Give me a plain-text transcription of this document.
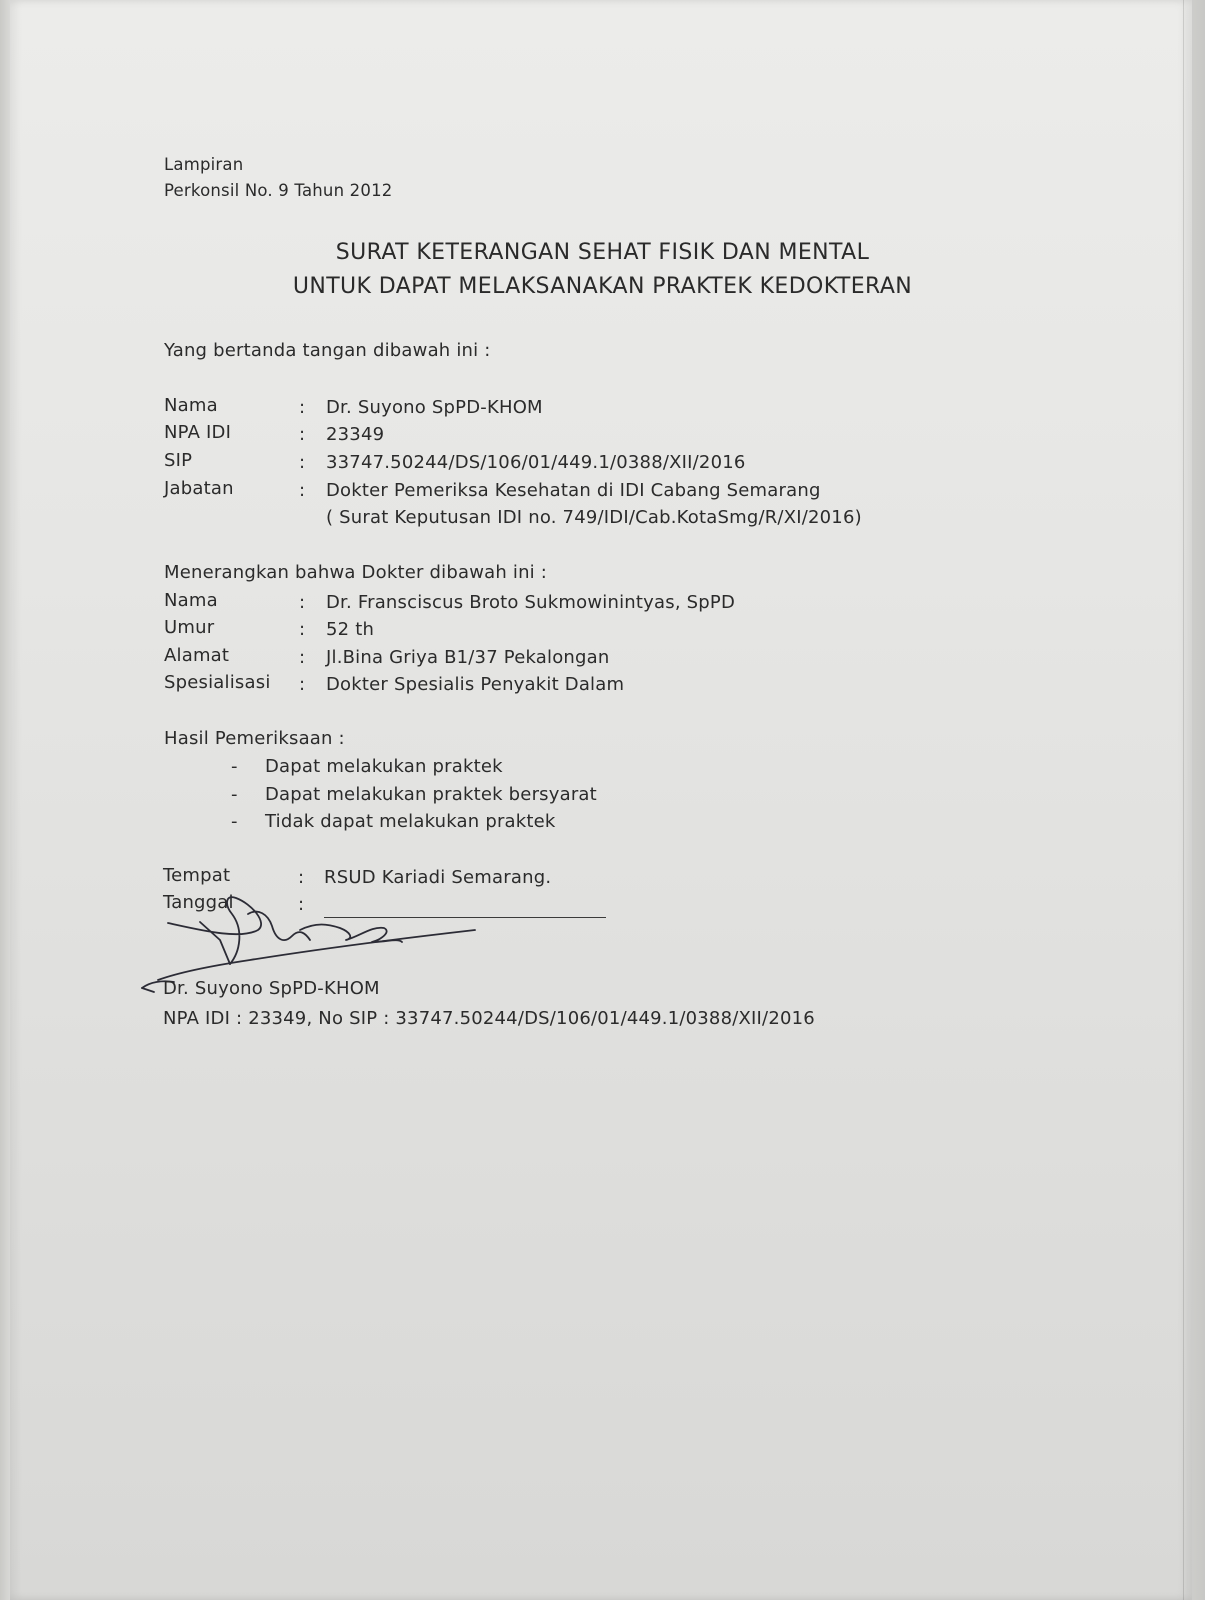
Lampiran
Perkonsil No. 9 Tahun 2012
SURAT KETERANGAN SEHAT FISIK DAN MENTAL
UNTUK DAPAT MELAKSANAKAN PRAKTEK KEDOKTERAN
Yang bertanda tangan dibawah ini :
Nama	: Dr. Suyono SpPD-KHOM
NPA IDI	: 23349
SIP	: 33747.50244/DS/106/01/449.1/0388/XII/2016
Jabatan	: Dokter Pemeriksa Kesehatan di IDI Cabang Semarang
( Surat Keputusan IDI no. 749/IDI/Cab.KotaSmg/R/XI/2016)
Menerangkan bahwa Dokter dibawah ini :
Nama	: Dr. Fransciscus Broto Sukmowinintyas, SpPD
Umur	: 52 th
Alamat	: Jl.Bina Griya B1/37 Pekalongan
Spesialisasi : Dokter Spesialis Penyakit Dalam
Hasil Pemeriksaan :
- Dapat melakukan praktek
- Dapat melakukan praktek bersyarat
- Tidak dapat melakukan praktek
Tempat	: RSUD Kariadi Semarang.
Tanggal	:
Dr. Suyono SpPD-KHOM
NPA IDI : 23349, No SIP : 33747.50244/DS/106/01/449.1/0388/XII/2016
